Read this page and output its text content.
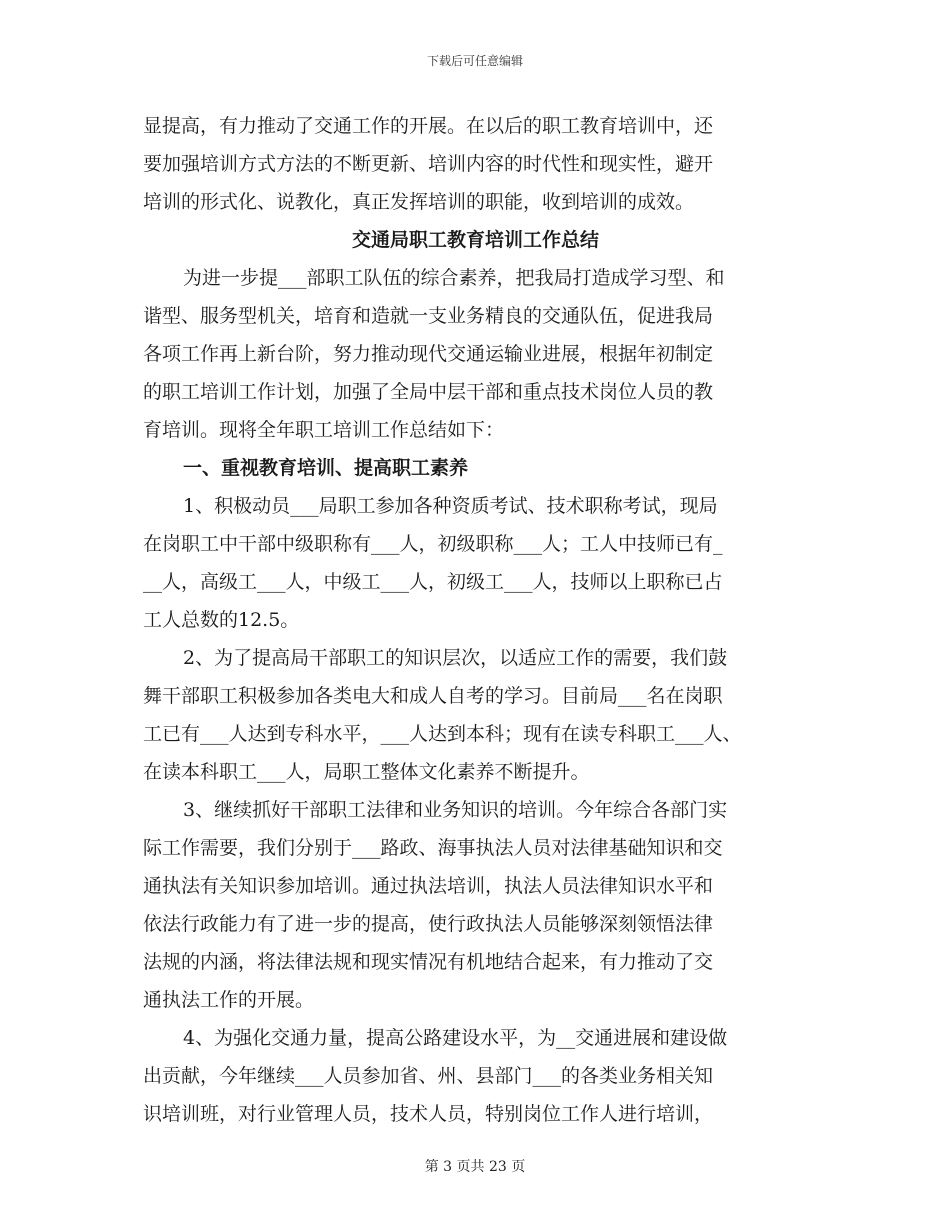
下载后可任意编辑
显提高，有力推动了交通工作的开展。在以后的职工教育培训中，还
要加强培训方式方法的不断更新、培训内容的时代性和现实性，避开
培训的形式化、说教化，真正发挥培训的职能，收到培训的成效。
交通局职工教育培训工作总结
为进一步提___部职工队伍的综合素养，把我局打造成学习型、和
谐型、服务型机关，培育和造就一支业务精良的交通队伍，促进我局
各项工作再上新台阶，努力推动现代交通运输业进展，根据年初制定
的职工培训工作计划，加强了全局中层干部和重点技术岗位人员的教
育培训。现将全年职工培训工作总结如下：
一、重视教育培训、提高职工素养
1、积极动员___局职工参加各种资质考试、技术职称考试，现局
在岗职工中干部中级职称有___人，初级职称___人；工人中技师已有_
__人，高级工___人，中级工___人，初级工___人，技师以上职称已占
工人总数的12.5。
2、为了提高局干部职工的知识层次，以适应工作的需要，我们鼓
舞干部职工积极参加各类电大和成人自考的学习。目前局___名在岗职
工已有___人达到专科水平，___人达到本科；现有在读专科职工___人、
在读本科职工___人，局职工整体文化素养不断提升。
3、继续抓好干部职工法律和业务知识的培训。今年综合各部门实
际工作需要，我们分别于___路政、海事执法人员对法律基础知识和交
通执法有关知识参加培训。通过执法培训，执法人员法律知识水平和
依法行政能力有了进一步的提高，使行政执法人员能够深刻领悟法律
法规的内涵，将法律法规和现实情况有机地结合起来，有力推动了交
通执法工作的开展。
4、为强化交通力量，提高公路建设水平，为__交通进展和建设做
出贡献，今年继续___人员参加省、州、县部门___的各类业务相关知
识培训班，对行业管理人员，技术人员，特别岗位工作人进行培训，
第 3 页共 23 页
